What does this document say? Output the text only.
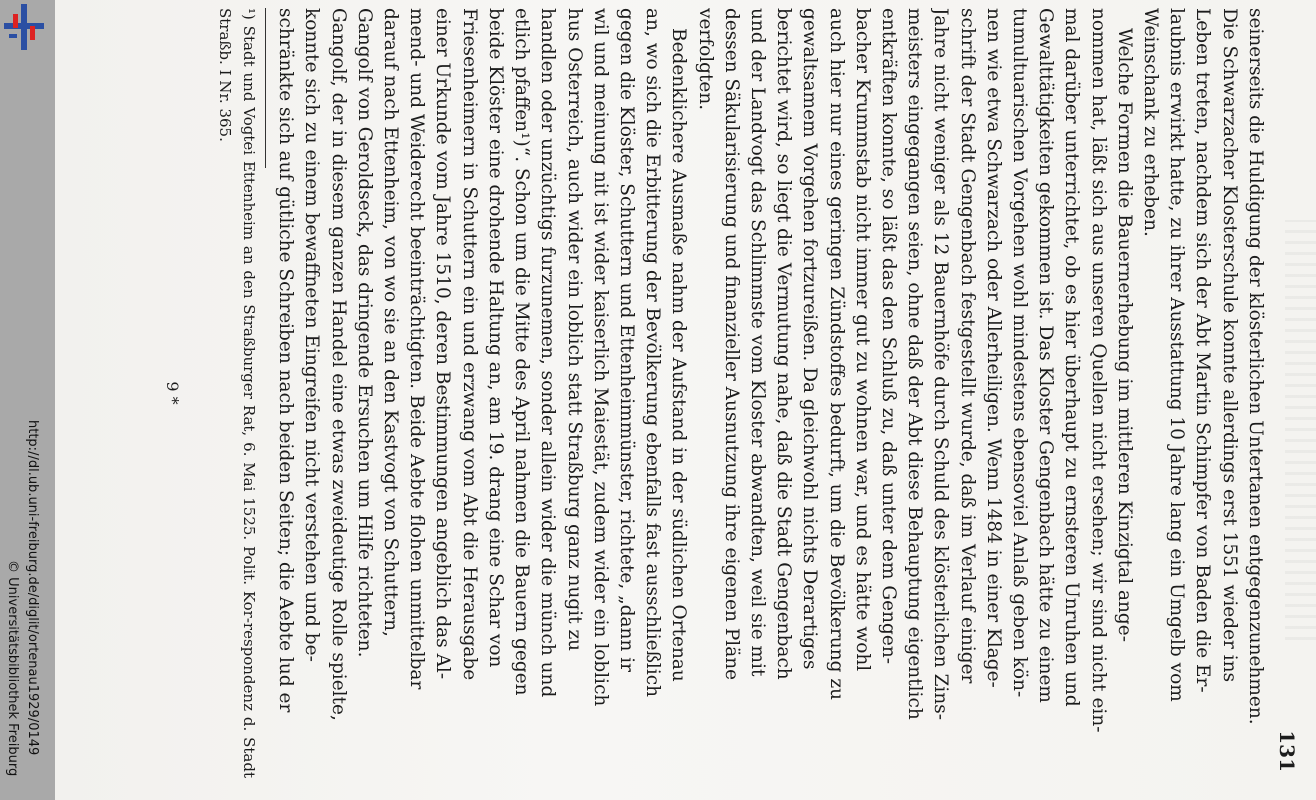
http://dl.ub.uni-freiburg.de/diglit/ortenau1929/0149
© Universitätsbibliothek Freiburg	131
seinerseits die Huldigung der klösterlichen Untertanen entgegenzunehmen.
Die Schwarzacher Klosterschule konnte allerdings erst 1551 wieder ins
Leben treten, nachdem sich der Abt Martin Schimpfer von Baden die Er-
laubnis erwirkt hatte, zu ihrer Ausstattung 10 Jahre lang ein Umgelb vom
Weinschank zu erheben.
Welche Formen die Bauernerhebung im mittleren Kinzigtal ange-
nommen hat, läßt sich aus unseren Quellen nicht ersehen; wir sind nicht ein-
mal darüber unterrichtet, ob es hier überhaupt zu ernsteren Unruhen und
Gewalttätigkeiten gekommen ist. Das Kloster Gengenbach hätte zu einem
tumultuarischen Vorgehen wohl mindestens ebensoviel Anlaß geben kön-
nen wie etwa Schwarzach oder Allerheiligen. Wenn 1484 in einer Klage-
schrift der Stadt Gengenbach festgestellt wurde, daß im Verlauf einiger
Jahre nicht weniger als 12 Bauernhöfe durch Schuld des klösterlichen Zins-
meisters eingegangen seien, ohne daß der Abt diese Behauptung eigentlich
entkräften konnte, so läßt das den Schluß zu, daß unter dem Gengen-
bacher Krummstab nicht immer gut zu wohnen war, und es hätte wohl
auch hier nur eines geringen Zündstoffes bedurft, um die Bevölkerung zu
gewaltsamem Vorgehen fortzureißen. Da gleichwohl nichts Derartiges
berichtet wird, so liegt die Vermutung nahe, daß die Stadt Gengenbach
und der Landvogt das Schlimmste vom Kloster abwandten, weil sie mit
dessen Säkularisierung und finanzieller Ausnutzung ihre eigenen Pläne
verfolgten.
Bedenklichere Ausmaße nahm der Aufstand in der südlichen Ortenau
an, wo sich die Erbitterung der Bevölkerung ebenfalls fast ausschließlich
gegen die Klöster, Schuttern und Ettenheimmünster, richtete, „dann ir
wil und meinung nit ist wider kaiserlich Maiestät, zudem wider ein loblich
hus Osterreich, auch wider ein loblich statt Straßburg ganz nugit zu
handlen oder unzüchtigs furzunemen, sonder allein wider die münch und
etlich pfaffen¹)“. Schon um die Mitte des April nahmen die Bauern gegen
beide Klöster eine drohende Haltung an, am 19. drang eine Schar von
Friesenheimern in Schuttern ein und erzwang vom Abt die Herausgabe
einer Urkunde vom Jahre 1510, deren Bestimmungen angeblich das Al-
mend- und Weiderecht beeinträchtigten. Beide Aebte flohen unmittelbar
darauf nach Ettenheim, von wo sie an den Kastvogt von Schuttern,
Gangolf von Geroldseck, das dringende Ersuchen um Hilfe richteten.
Gangolf, der in diesem ganzen Handel eine etwas zweideutige Rolle spielte,
konnte sich zu einem bewaffneten Eingreifen nicht verstehen und be-
schränkte sich auf gütliche Schreiben nach beiden Seiten; die Aebte lud er
¹) Stadt und Vogtei Ettenheim an den Straßburger Rat, 6. Mai 1525. Polit. Kor-respondenz d. Stadt Straßb. I Nr. 365.
9 *
